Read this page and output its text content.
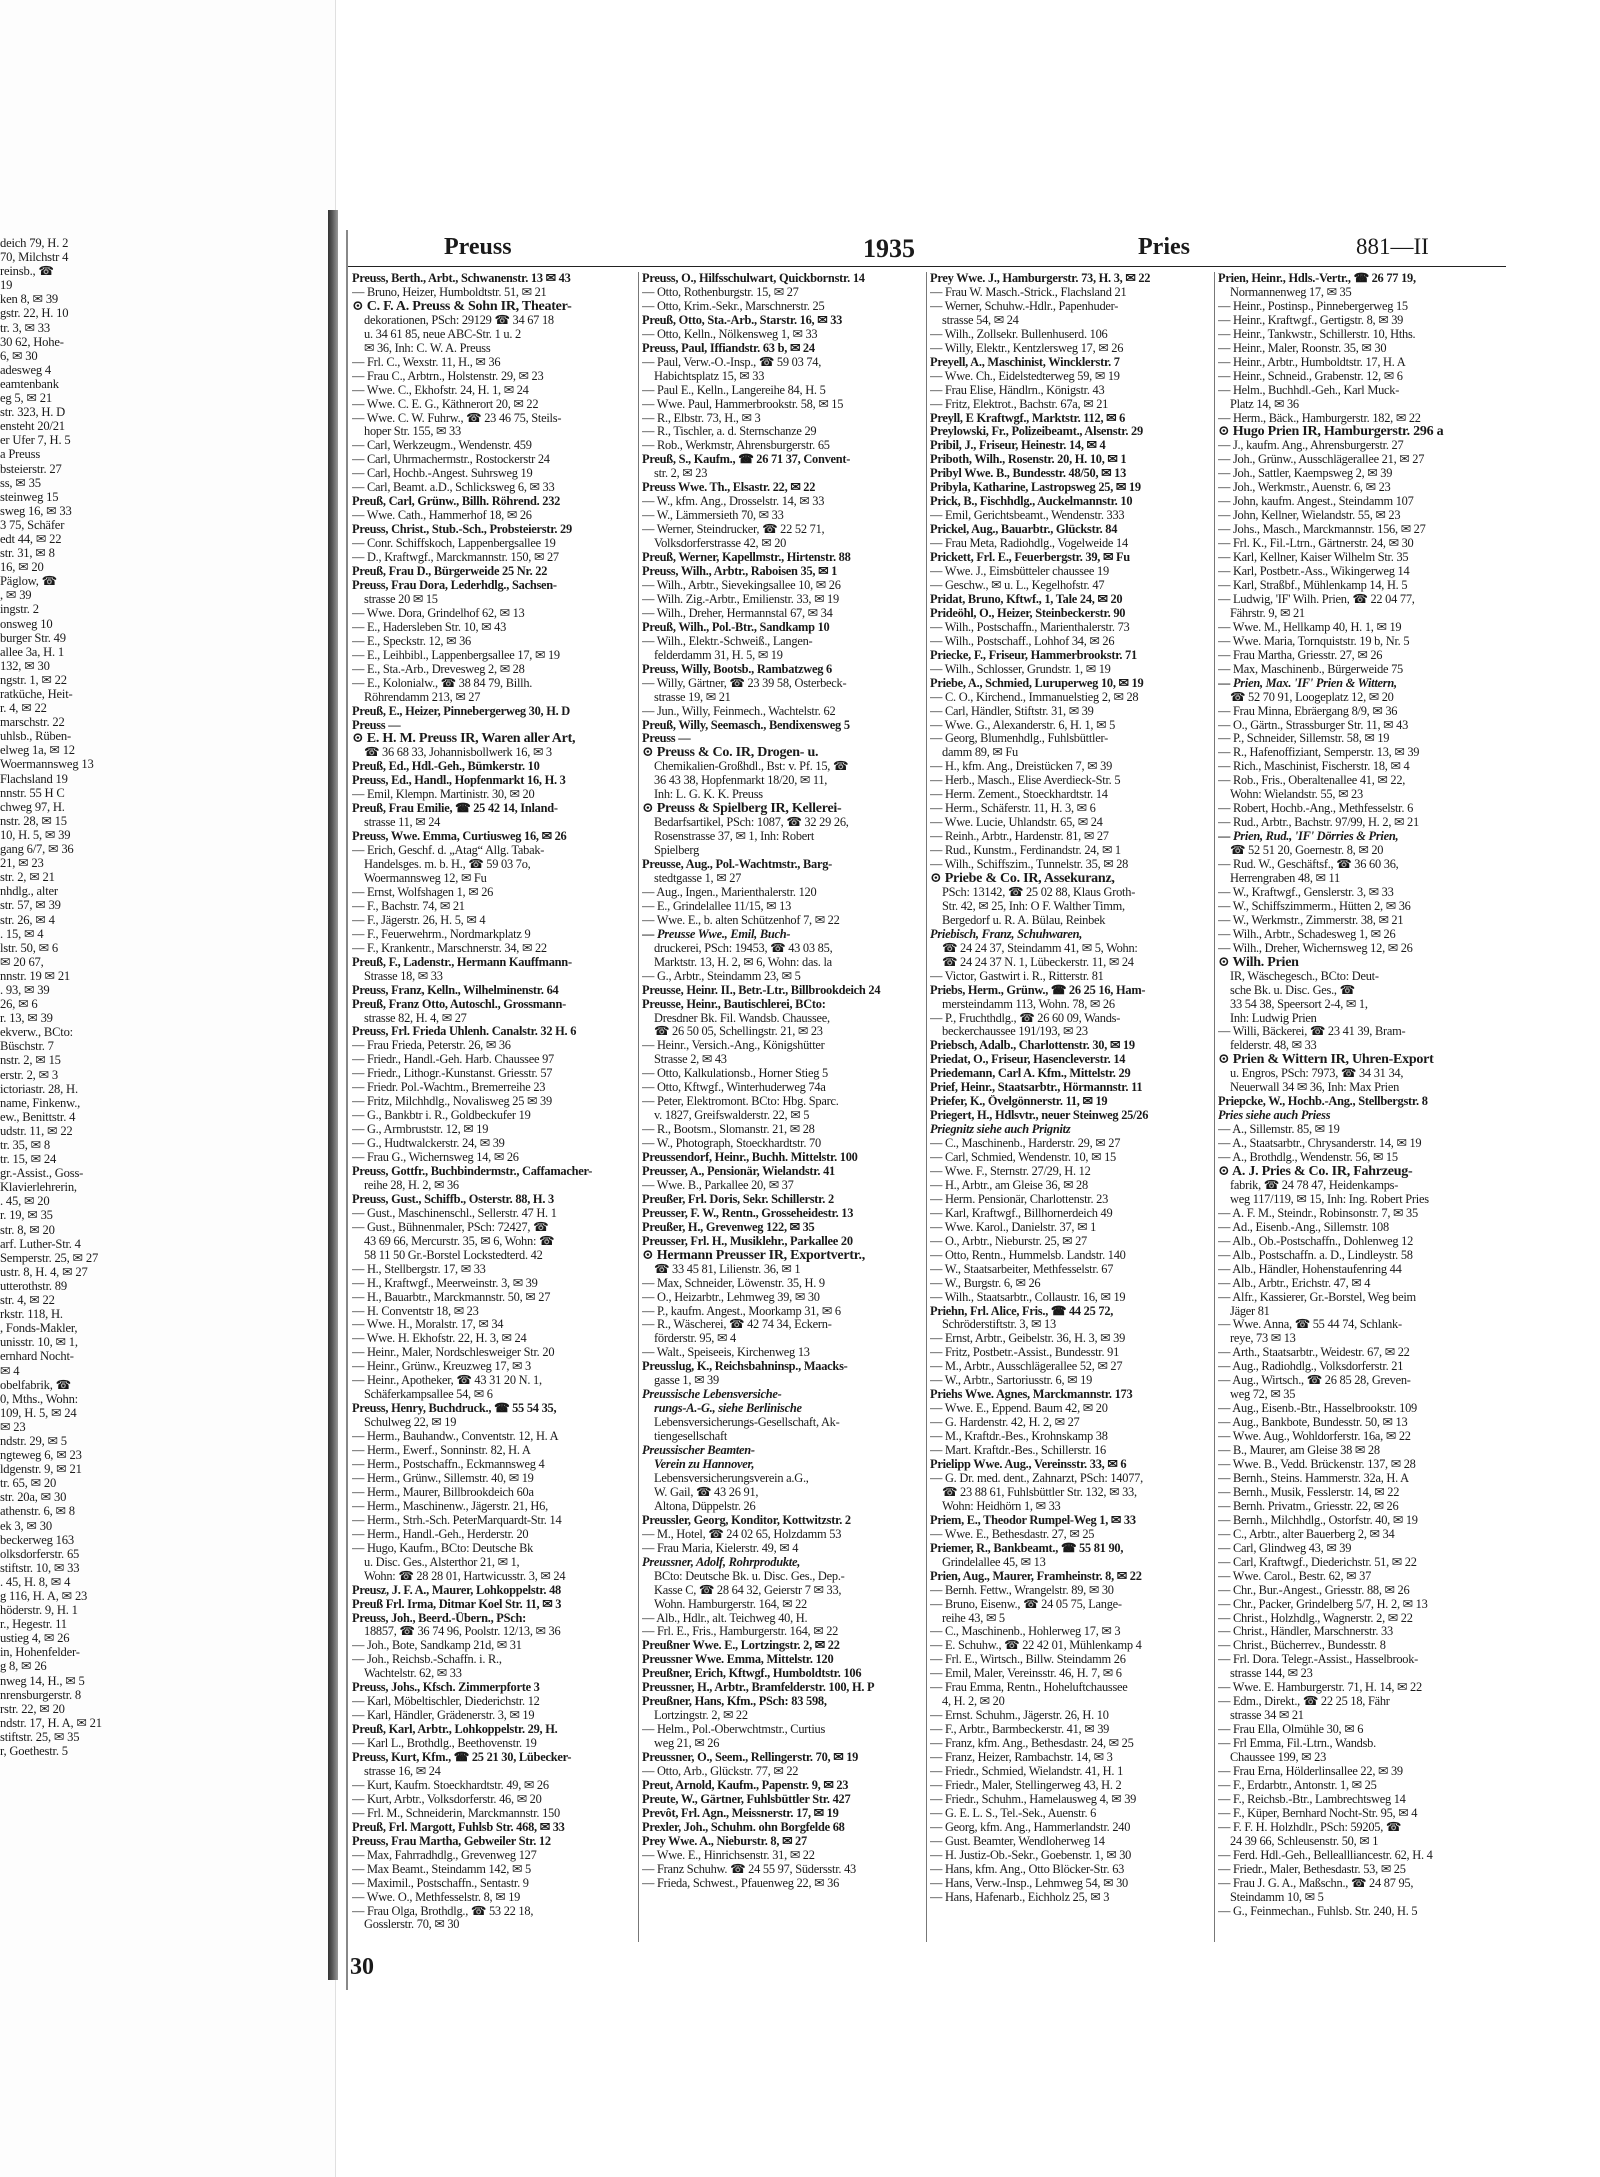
deich 79, H. 2
70, Milchstr 4
reinsb., ☎
19
ken 8, ✉ 39
gstr. 22, H. 10
tr. 3, ✉ 33
30 62, Hohe-
6, ✉ 30
adesweg 4
eamtenbank
eg 5, ✉ 21
str. 323, H. D
ensteht 20/21
er Ufer 7, H. 5
a Preuss
bsteierstr. 27
ss, ✉ 35
steinweg 15
sweg 16, ✉ 33
3 75, Schäfer
edt 44, ✉ 22
str. 31, ✉ 8
16, ✉ 20
Päglow, ☎
, ✉ 39
ingstr. 2
onsweg 10
burger Str. 49
allee 3a, H. 1
132, ✉ 30
ngstr. 1, ✉ 22
ratküche, Heit-
r. 4, ✉ 22
marschstr. 22
uhlsb., Rüben-
elweg 1a, ✉ 12
Woermannsweg 13
Flachsland 19
nnstr. 55 H C
chweg 97, H.
nstr. 28, ✉ 15
10, H. 5, ✉ 39
gang 6/7, ✉ 36
21, ✉ 23
str. 2, ✉ 21
nhdlg., alter
str. 57, ✉ 39
str. 26, ✉ 4
. 15, ✉ 4
lstr. 50, ✉ 6
✉ 20 67,
nnstr. 19 ✉ 21
. 93, ✉ 39
26, ✉ 6
r. 13, ✉ 39
ekverw., BCto:
Büschstr. 7
nstr. 2, ✉ 15
erstr. 2, ✉ 3
ictoriastr. 28, H.
name, Finkenw.,
ew., Benittstr. 4
udstr. 11, ✉ 22
tr. 35, ✉ 8
tr. 15, ✉ 24
gr.-Assist., Goss-
Klavierlehrerin,
. 45, ✉ 20
r. 19, ✉ 35
str. 8, ✉ 20
arf. Luther-Str. 4
Semperstr. 25, ✉ 27
ustr. 8, H. 4, ✉ 27
utterothstr. 89
str. 4, ✉ 22
rkstr. 118, H.
, Fonds-Makler,
unisstr. 10, ✉ 1,
ernhard Nocht-
✉ 4
obelfabrik, ☎
0, Mths., Wohn:
109, H. 5, ✉ 24
✉ 23
ndstr. 29, ✉ 5
ngteweg 6, ✉ 23
ldgenstr. 9, ✉ 21
tr. 65, ✉ 20
str. 20a, ✉ 30
athenstr. 6, ✉ 8
ek 3, ✉ 30
beckerweg 163
olksdorferstr. 65
stiftstr. 10, ✉ 33
. 45, H. 8, ✉ 4
g 116, H. A, ✉ 23
höderstr. 9, H. 1
r., Hegestr. 11
ustieg 4, ✉ 26
in, Hohenfelder-
g 8, ✉ 26
nweg 14, H., ✉ 5
nrensburgerstr. 8
rstr. 22, ✉ 20
ndstr. 17, H. A, ✉ 21
stiftstr. 25, ✉ 35
r, Goethestr. 5
Preuss	1935	Pries	881—II
Preuss, Berth., Arbt., Schwanenstr. 13 ✉ 43
— Bruno, Heizer, Humboldtstr. 51, ✉ 21
⊙ C. F. A. Preuss & Sohn IR, Theater-
dekorationen, PSch: 29129 ☎ 34 67 18
u. 34 61 85, neue ABC-Str. 1 u. 2
✉ 36, Inh: C. W. A. Preuss
— Frl. C., Wexstr. 11, H., ✉ 36
— Frau C., Arbtrn., Holstenstr. 29, ✉ 23
— Wwe. C., Ekhofstr. 24, H. 1, ✉ 24
— Wwe. C. E. G., Käthnerort 20, ✉ 22
— Wwe. C. W. Fuhrw., ☎ 23 46 75, Steils-
hoper Str. 155, ✉ 33
— Carl, Werkzeugm., Wendenstr. 459
— Carl, Uhrmachermstr., Rostockerstr 24
— Carl, Hochb.-Angest. Suhrsweg 19
— Carl, Beamt. a.D., Schlicksweg 6, ✉ 33
Preuß, Carl, Grünw., Billh. Röhrend. 232
— Wwe. Cath., Hammerhof 18, ✉ 26
Preuss, Christ., Stub.-Sch., Probsteierstr. 29
— Conr. Schiffskoch, Lappenbergsallee 19
— D., Kraftwgf., Marckmannstr. 150, ✉ 27
Preuß, Frau D., Bürgerweide 25 Nr. 22
Preuss, Frau Dora, Lederhdlg., Sachsen-
strasse 20 ✉ 15
— Wwe. Dora, Grindelhof 62, ✉ 13
— E., Hadersleben Str. 10, ✉ 43
— E., Speckstr. 12, ✉ 36
— E., Leihbibl., Lappenbergsallee 17, ✉ 19
— E., Sta.-Arb., Drevesweg 2, ✉ 28
— E., Kolonialw., ☎ 38 84 79, Billh.
Röhrendamm 213, ✉ 27
Preuß, E., Heizer, Pinnebergerweg 30, H. D
Preuss —
⊙ E. H. M. Preuss IR, Waren aller Art,
☎ 36 68 33, Johannisbollwerk 16, ✉ 3
Preuß, Ed., Hdl.-Geh., Bümkerstr. 10
Preuss, Ed., Handl., Hopfenmarkt 16, H. 3
— Emil, Klempn. Martinistr. 30, ✉ 20
Preuß, Frau Emilie, ☎ 25 42 14, Inland-
strasse 11, ✉ 24
Preuss, Wwe. Emma, Curtiusweg 16, ✉ 26
— Erich, Geschf. d. „Atag“ Allg. Tabak-
Handelsges. m. b. H., ☎ 59 03 7o,
Woermannsweg 12, ✉ Fu
— Ernst, Wolfshagen 1, ✉ 26
— F., Bachstr. 74, ✉ 21
— F., Jägerstr. 26, H. 5, ✉ 4
— F., Feuerwehrm., Nordmarkplatz 9
— F., Krankentr., Marschnerstr. 34, ✉ 22
Preuß, F., Ladenstr., Hermann Kauffmann-
Strasse 18, ✉ 33
Preuss, Franz, Kelln., Wilhelminenstr. 64
Preuß, Franz Otto, Autoschl., Grossmann-
strasse 82, H. 4, ✉ 27
Preuss, Frl. Frieda Uhlenh. Canalstr. 32 H. 6
— Frau Frieda, Peterstr. 26, ✉ 36
— Friedr., Handl.-Geh. Harb. Chaussee 97
— Friedr., Lithogr.-Kunstanst. Griesstr. 57
— Friedr. Pol.-Wachtm., Bremerreihe 23
— Fritz, Milchhdlg., Novalisweg 25 ✉ 39
— G., Bankbtr i. R., Goldbeckufer 19
— G., Armbruststr. 12, ✉ 19
— G., Hudtwalckerstr. 24, ✉ 39
— Frau G., Wichernsweg 14, ✉ 26
Preuss, Gottfr., Buchbindermstr., Caffamacher-
reihe 28, H. 2, ✉ 36
Preuss, Gust., Schiffb., Osterstr. 88, H. 3
— Gust., Maschinenschl., Sellerstr. 47 H. 1
— Gust., Bühnenmaler, PSch: 72427, ☎
43 69 66, Mercurstr. 35, ✉ 6, Wohn: ☎
58 11 50 Gr.-Borstel Lockstedterd. 42
— H., Stellbergstr. 17, ✉ 33
— H., Kraftwgf., Meerweinstr. 3, ✉ 39
— H., Bauarbtr., Marckmannstr. 50, ✉ 27
— H. Conventstr 18, ✉ 23
— Wwe. H., Moralstr. 17, ✉ 34
— Wwe. H. Ekhofstr. 22, H. 3, ✉ 24
— Heinr., Maler, Nordschlesweiger Str. 20
— Heinr., Grünw., Kreuzweg 17, ✉ 3
— Heinr., Apotheker, ☎ 43 31 20 N. 1,
Schäferkampsallee 54, ✉ 6
Preuss, Henry, Buchdruck., ☎ 55 54 35,
Schulweg 22, ✉ 19
— Herm., Bauhandw., Conventstr. 12, H. A
— Herm., Ewerf., Sonninstr. 82, H. A
— Herm., Postschaffn., Eckmannsweg 4
— Herm., Grünw., Sillemstr. 40, ✉ 19
— Herm., Maurer, Billbrookdeich 60a
— Herm., Maschinenw., Jägerstr. 21, H6,
— Herm., Strh.-Sch. PeterMarquardt-Str. 14
— Herm., Handl.-Geh., Herderstr. 20
— Hugo, Kaufm., BCto: Deutsche Bk
u. Disc. Ges., Alsterthor 21, ✉ 1,
Wohn: ☎ 28 28 01, Hartwicusstr. 3, ✉ 24
Preusz, J. F. A., Maurer, Lohkoppelstr. 48
Preuß Frl. Irma, Ditmar Koel Str. 11, ✉ 3
Preuss, Joh., Beerd.-Übern., PSch:
18857, ☎ 36 74 96, Poolstr. 12/13, ✉ 36
— Joh., Bote, Sandkamp 21d, ✉ 31
— Joh., Reichsb.-Schaffn. i. R.,
Wachtelstr. 62, ✉ 33
Preuss, Johs., Kfsch. Zimmerpforte 3
— Karl, Möbeltischler, Diederichstr. 12
— Karl, Händler, Grädenerstr. 3, ✉ 19
Preuß, Karl, Arbtr., Lohkoppelstr. 29, H.
— Karl L., Brothdlg., Beethovenstr. 19
Preuss, Kurt, Kfm., ☎ 25 21 30, Lübecker-
strasse 16, ✉ 24
— Kurt, Kaufm. Stoeckhardtstr. 49, ✉ 26
— Kurt, Arbtr., Volksdorferstr. 46, ✉ 20
— Frl. M., Schneiderin, Marckmannstr. 150
Preuß, Frl. Margott, Fuhlsb Str. 468, ✉ 33
Preuss, Frau Martha, Gebweiler Str. 12
— Max, Fahrradhdlg., Grevenweg 127
— Max Beamt., Steindamm 142, ✉ 5
— Maximil., Postschaffn., Sentastr. 9
— Wwe. O., Methfesselstr. 8, ✉ 19
— Frau Olga, Brothdlg., ☎ 53 22 18,
Gosslerstr. 70, ✉ 30
Preuss, O., Hilfsschulwart, Quickbornstr. 14
— Otto, Rothenburgstr. 15, ✉ 27
— Otto, Krim.-Sekr., Marschnerstr. 25
Preuß, Otto, Sta.-Arb., Starstr. 16, ✉ 33
— Otto, Kelln., Nölkensweg 1, ✉ 33
Preuss, Paul, Iffiandstr. 63 b, ✉ 24
— Paul, Verw.-O.-Insp., ☎ 59 03 74,
Habichtsplatz 15, ✉ 33
— Paul E., Kelln., Langereihe 84, H. 5
— Wwe. Paul, Hammerbrookstr. 58, ✉ 15
— R., Elbstr. 73, H., ✉ 3
— R., Tischler, a. d. Sternschanze 29
— Rob., Werkmstr, Ahrensburgerstr. 65
Preuß, S., Kaufm., ☎ 26 71 37, Convent-
str. 2, ✉ 23
Preuss Wwe. Th., Elsastr. 22, ✉ 22
— W., kfm. Ang., Drosselstr. 14, ✉ 33
— W., Lämmersieth 70, ✉ 33
— Werner, Steindrucker, ☎ 22 52 71,
Volksdorferstrasse 42, ✉ 20
Preuß, Werner, Kapellmstr., Hirtenstr. 88
Preuss, Wilh., Arbtr., Raboisen 35, ✉ 1
— Wilh., Arbtr., Sievekingsallee 10, ✉ 26
— Wilh. Zig.-Arbtr., Emilienstr. 33, ✉ 19
— Wilh., Dreher, Hermannstal 67, ✉ 34
Preuß, Wilh., Pol.-Btr., Sandkamp 10
— Wilh., Elektr.-Schweiß., Langen-
felderdamm 31, H. 5, ✉ 19
Preuss, Willy, Bootsb., Rambatzweg 6
— Willy, Gärtner, ☎ 23 39 58, Osterbeck-
strasse 19, ✉ 21
— Jun., Willy, Feinmech., Wachtelstr. 62
Preuß, Willy, Seemasch., Bendixensweg 5
Preuss —
⊙ Preuss & Co. IR, Drogen- u.
Chemikalien-Großhdl., Bst: v. Pf. 15, ☎
36 43 38, Hopfenmarkt 18/20, ✉ 11,
Inh: L. G. K. K. Preuss
⊙ Preuss & Spielberg IR, Kellerei-
Bedarfsartikel, PSch: 1087, ☎ 32 29 26,
Rosenstrasse 37, ✉ 1, Inh: Robert
Spielberg
Preusse, Aug., Pol.-Wachtmstr., Barg-
stedtgasse 1, ✉ 27
— Aug., Ingen., Marienthalerstr. 120
— E., Grindelallee 11/15, ✉ 13
— Wwe. E., b. alten Schützenhof 7, ✉ 22
— Preusse Wwe., Emil, Buch-
druckerei, PSch: 19453, ☎ 43 03 85,
Marktstr. 13, H. 2, ✉ 6, Wohn: das. la
— G., Arbtr., Steindamm 23, ✉ 5
Preusse, Heinr. II., Betr.-Ltr., Billbrookdeich 24
Preusse, Heinr., Bautischlerei, BCto:
Dresdner Bk. Fil. Wandsb. Chaussee,
☎ 26 50 05, Schellingstr. 21, ✉ 23
— Heinr., Versich.-Ang., Königshütter
Strasse 2, ✉ 43
— Otto, Kalkulationsb., Horner Stieg 5
— Otto, Kftwgf., Winterhuderweg 74a
— Peter, Elektromont. BCto: Hbg. Sparc.
v. 1827, Greifswalderstr. 22, ✉ 5
— R., Bootsm., Slomanstr. 21, ✉ 28
— W., Photograph, Stoeckhardtstr. 70
Preussendorf, Heinr., Buchh. Mittelstr. 100
Preusser, A., Pensionär, Wielandstr. 41
— Wwe. B., Parkallee 20, ✉ 37
Preußer, Frl. Doris, Sekr. Schillerstr. 2
Preusser, F. W., Rentn., Grosseheidestr. 13
Preußer, H., Grevenweg 122, ✉ 35
Preusser, Frl. H., Musiklehr., Parkallee 20
⊙ Hermann Preusser IR, Exportvertr.,
☎ 33 45 81, Lilienstr. 36, ✉ 1
— Max, Schneider, Löwenstr. 35, H. 9
— O., Heizarbtr., Lehmweg 39, ✉ 30
— P., kaufm. Angest., Moorkamp 31, ✉ 6
— R., Wäscherei, ☎ 42 74 34, Eckern-
förderstr. 95, ✉ 4
— Walt., Speiseeis, Kirchenweg 13
Preusslug, K., Reichsbahninsp., Maacks-
gasse 1, ✉ 39
Preussische Lebensversiche-
rungs-A.-G., siehe Berlinische
Lebensversicherungs-Gesellschaft, Ak-
tiengesellschaft
Preussischer Beamten-
Verein zu Hannover,
Lebensversicherungsverein a.G.,
W. Gail, ☎ 43 26 91,
Altona, Düppelstr. 26
Preussler, Georg, Konditor, Kottwitzstr. 2
— M., Hotel, ☎ 24 02 65, Holzdamm 53
— Frau Maria, Kielerstr. 49, ✉ 4
Preussner, Adolf, Rohrprodukte,
BCto: Deutsche Bk. u. Disc. Ges., Dep.-
Kasse C, ☎ 28 64 32, Geierstr 7 ✉ 33,
Wohn. Hamburgerstr. 164, ✉ 22
— Alb., Hdlr., alt. Teichweg 40, H.
— Frl. E., Fris., Hamburgerstr. 164, ✉ 22
Preußner Wwe. E., Lortzingstr. 2, ✉ 22
Preussner Wwe. Emma, Mittelstr. 120
Preußner, Erich, Kftwgf., Humboldtstr. 106
Preussner, H., Arbtr., Bramfelderstr. 100, H. P
Preußner, Hans, Kfm., PSch: 83 598,
Lortzingstr. 2, ✉ 22
— Helm., Pol.-Oberwchtmstr., Curtius
weg 21, ✉ 26
Preussner, O., Seem., Rellingerstr. 70, ✉ 19
— Otto, Arb., Glückstr. 77, ✉ 22
Preut, Arnold, Kaufm., Papenstr. 9, ✉ 23
Preute, W., Gärtner, Fuhlsbüttler Str. 427
Prevôt, Frl. Agn., Meissnerstr. 17, ✉ 19
Prexler, Joh., Schuhm. ohn Borgfelde 68
Prey Wwe. A., Nieburstr. 8, ✉ 27
— Wwe. E., Hinrichsenstr. 31, ✉ 22
— Franz Schuhw. ☎ 24 55 97, Südersstr. 43
— Frieda, Schwest., Pfauenweg 22, ✉ 36
Prey Wwe. J., Hamburgerstr. 73, H. 3, ✉ 22
— Frau W. Masch.-Strick., Flachsland 21
— Werner, Schuhw.-Hdlr., Papenhuder-
strasse 54, ✉ 24
— Wilh., Zollsekr. Bullenhuserd. 106
— Willy, Elektr., Kentzlersweg 17, ✉ 26
Preyell, A., Maschinist, Wincklerstr. 7
— Wwe. Ch., Eidelstedterweg 59, ✉ 19
— Frau Elise, Händlrn., Königstr. 43
— Fritz, Elektrot., Bachstr. 67a, ✉ 21
Preyll, E Kraftwgf., Marktstr. 112, ✉ 6
Preylowski, Fr., Polizeibeamt., Alsenstr. 29
Pribil, J., Friseur, Heinestr. 14, ✉ 4
Priboth, Wilh., Rosenstr. 20, H. 10, ✉ 1
Pribyl Wwe. B., Bundesstr. 48/50, ✉ 13
Pribyla, Katharine, Lastropsweg 25, ✉ 19
Prick, B., Fischhdlg., Auckelmannstr. 10
— Emil, Gerichtsbeamt., Wendenstr. 333
Prickel, Aug., Bauarbtr., Glückstr. 84
— Frau Meta, Radiohdlg., Vogelweide 14
Prickett, Frl. E., Feuerbergstr. 39, ✉ Fu
— Wwe. J., Eimsbütteler chaussee 19
— Geschw., ✉ u. L., Kegelhofstr. 47
Pridat, Bruno, Kftwf., 1, Tale 24, ✉ 20
Prideöhl, O., Heizer, Steinbeckerstr. 90
— Wilh., Postschaffn., Marienthalerstr. 73
— Wilh., Postschaff., Lohhof 34, ✉ 26
Priecke, F., Friseur, Hammerbrookstr. 71
— Wilh., Schlosser, Grundstr. 1, ✉ 19
Priebe, A., Schmied, Luruperweg 10, ✉ 19
— C. O., Kirchend., Immanuelstieg 2, ✉ 28
— Carl, Händler, Stiftstr. 31, ✉ 39
— Wwe. G., Alexanderstr. 6, H. 1, ✉ 5
— Georg, Blumenhdlg., Fuhlsbüttler-
damm 89, ✉ Fu
— H., kfm. Ang., Dreistücken 7, ✉ 39
— Herb., Masch., Elise Averdieck-Str. 5
— Herm. Zement., Stoeckhardtstr. 14
— Herm., Schäferstr. 11, H. 3, ✉ 6
— Wwe. Lucie, Uhlandstr. 65, ✉ 24
— Reinh., Arbtr., Hardenstr. 81, ✉ 27
— Rud., Kunstm., Ferdinandstr. 24, ✉ 1
— Wilh., Schiffszim., Tunnelstr. 35, ✉ 28
⊙ Priebe & Co. IR, Assekuranz,
PSch: 13142, ☎ 25 02 88, Klaus Groth-
Str. 42, ✉ 25, Inh: O F. Walther Timm,
Bergedorf u. R. A. Bülau, Reinbek
Priebisch, Franz, Schuhwaren,
☎ 24 24 37, Steindamm 41, ✉ 5, Wohn:
☎ 24 24 37 N. 1, Lübeckerstr. 11, ✉ 24
— Victor, Gastwirt i. R., Ritterstr. 81
Priebs, Herm., Grünw., ☎ 26 25 16, Ham-
mersteindamm 113, Wohn. 78, ✉ 26
— P., Fruchthdlg., ☎ 26 60 09, Wands-
beckerchaussee 191/193, ✉ 23
Priebsch, Adalb., Charlottenstr. 30, ✉ 19
Priedat, O., Friseur, Hasencleverstr. 14
Priedemann, Carl A. Kfm., Mittelstr. 29
Prief, Heinr., Staatsarbtr., Hörmannstr. 11
Priefer, K., Övelgönnerstr. 11, ✉ 19
Priegert, H., Hdlsvtr., neuer Steinweg 25/26
Priegnitz siehe auch Prignitz
— C., Maschinenb., Harderstr. 29, ✉ 27
— Carl, Schmied, Wendenstr. 10, ✉ 15
— Wwe. F., Sternstr. 27/29, H. 12
— H., Arbtr., am Gleise 36, ✉ 28
— Herm. Pensionär, Charlottenstr. 23
— Karl, Kraftwgf., Billhornerdeich 49
— Wwe. Karol., Danielstr. 37, ✉ 1
— O., Arbtr., Nieburstr. 25, ✉ 27
— Otto, Rentn., Hummelsb. Landstr. 140
— W., Staatsarbeiter, Methfesselstr. 67
— W., Burgstr. 6, ✉ 26
— Wilh., Staatsarbtr., Collaustr. 16, ✉ 19
Priehn, Frl. Alice, Fris., ☎ 44 25 72,
Schröderstiftstr. 3, ✉ 13
— Ernst, Arbtr., Geibelstr. 36, H. 3, ✉ 39
— Fritz, Postbetr.-Assist., Bundesstr. 91
— M., Arbtr., Ausschlägerallee 52, ✉ 27
— W., Arbtr., Sartoriusstr. 6, ✉ 19
Priehs Wwe. Agnes, Marckmannstr. 173
— Wwe. E., Eppend. Baum 42, ✉ 20
— G. Hardenstr. 42, H. 2, ✉ 27
— M., Kraftdr.-Bes., Krohnskamp 38
— Mart. Kraftdr.-Bes., Schillerstr. 16
Prielipp Wwe. Aug., Vereinsstr. 33, ✉ 6
— G. Dr. med. dent., Zahnarzt, PSch: 14077,
☎ 23 88 61, Fuhlsbüttler Str. 132, ✉ 33,
Wohn: Heidhörn 1, ✉ 33
Priem, E., Theodor Rumpel-Weg 1, ✉ 33
— Wwe. E., Bethesdastr. 27, ✉ 25
Priemer, R., Bankbeamt., ☎ 55 81 90,
Grindelallee 45, ✉ 13
Prien, Aug., Maurer, Framheinstr. 8, ✉ 22
— Bernh. Fettw., Wrangelstr. 89, ✉ 30
— Bruno, Eisenw., ☎ 24 05 75, Lange-
reihe 43, ✉ 5
— C., Maschinenb., Hohlerweg 17, ✉ 3
— E. Schuhw., ☎ 22 42 01, Mühlenkamp 4
— Frl. E., Wirtsch., Billw. Steindamm 26
— Emil, Maler, Vereinsstr. 46, H. 7, ✉ 6
— Frau Emma, Rentn., Hoheluftchaussee
4, H. 2, ✉ 20
— Ernst. Schuhm., Jägerstr. 26, H. 10
— F., Arbtr., Barmbeckerstr. 41, ✉ 39
— Franz, kfm. Ang., Bethesdastr. 24, ✉ 25
— Franz, Heizer, Rambachstr. 14, ✉ 3
— Friedr., Schmied, Wielandstr. 41, H. 1
— Friedr., Maler, Stellingerweg 43, H. 2
— Friedr., Schuhm., Hamelausweg 4, ✉ 39
— G. E. L. S., Tel.-Sek., Auenstr. 6
— Georg, kfm. Ang., Hammerlandstr. 240
— Gust. Beamter, Wendloherweg 14
— H. Justiz-Ob.-Sekr., Goebenstr. 1, ✉ 30
— Hans, kfm. Ang., Otto Blöcker-Str. 63
— Hans, Verw.-Insp., Lehmweg 54, ✉ 30
— Hans, Hafenarb., Eichholz 25, ✉ 3
Prien, Heinr., Hdls.-Vertr., ☎ 26 77 19,
Normannenweg 17, ✉ 35
— Heinr., Postinsp., Pinnebergerweg 15
— Heinr., Kraftwgf., Gertigstr. 8, ✉ 39
— Heinr., Tankwstr., Schillerstr. 10, Hths.
— Heinr., Maler, Roonstr. 35, ✉ 30
— Heinr., Arbtr., Humboldtstr. 17, H. A
— Heinr., Schneid., Grabenstr. 12, ✉ 6
— Helm., Buchhdl.-Geh., Karl Muck-
Platz 14, ✉ 36
— Herm., Bäck., Hamburgerstr. 182, ✉ 22
⊙ Hugo Prien IR, Hamburgerstr. 296 a
— J., kaufm. Ang., Ahrensburgerstr. 27
— Joh., Grünw., Ausschlägerallee 21, ✉ 27
— Joh., Sattler, Kaempsweg 2, ✉ 39
— Joh., Werkmstr., Auenstr. 6, ✉ 23
— John, kaufm. Angest., Steindamm 107
— John, Kellner, Wielandstr. 55, ✉ 23
— Johs., Masch., Marckmannstr. 156, ✉ 27
— Frl. K., Fil.-Ltrn., Gärtnerstr. 24, ✉ 30
— Karl, Kellner, Kaiser Wilhelm Str. 35
— Karl, Postbetr.-Ass., Wikingerweg 14
— Karl, Straßbf., Mühlenkamp 14, H. 5
— Ludwig, 'IF' Wilh. Prien, ☎ 22 04 77,
Fährstr. 9, ✉ 21
— Wwe. M., Hellkamp 40, H. 1, ✉ 19
— Wwe. Maria, Tornquiststr. 19 b, Nr. 5
— Frau Martha, Griesstr. 27, ✉ 26
— Max, Maschinenb., Bürgerweide 75
— Prien, Max. 'IF' Prien & Wittern,
☎ 52 70 91, Loogeplatz 12, ✉ 20
— Frau Minna, Ebräergang 8/9, ✉ 36
— O., Gärtn., Strassburger Str. 11, ✉ 43
— P., Schneider, Sillemstr. 58, ✉ 19
— R., Hafenoffiziant, Semperstr. 13, ✉ 39
— Rich., Maschinist, Fischerstr. 18, ✉ 4
— Rob., Fris., Oberaltenallee 41, ✉ 22,
Wohn: Wielandstr. 55, ✉ 23
— Robert, Hochb.-Ang., Methfesselstr. 6
— Rud., Arbtr., Bachstr. 97/99, H. 2, ✉ 21
— Prien, Rud., 'IF' Dörries & Prien,
☎ 52 51 20, Goernestr. 8, ✉ 20
— Rud. W., Geschäftsf., ☎ 36 60 36,
Herrengraben 48, ✉ 11
— W., Kraftwgf., Genslerstr. 3, ✉ 33
— W., Schiffszimmerm., Hütten 2, ✉ 36
— W., Werkmstr., Zimmerstr. 38, ✉ 21
— Wilh., Arbtr., Schadesweg 1, ✉ 26
— Wilh., Dreher, Wichernsweg 12, ✉ 26
⊙ Wilh. Prien
IR, Wäschegesch., BCto: Deut-
sche Bk. u. Disc. Ges., ☎
33 54 38, Speersort 2-4, ✉ 1,
Inh: Ludwig Prien
— Willi, Bäckerei, ☎ 23 41 39, Bram-
felderstr. 48, ✉ 33
⊙ Prien & Wittern IR, Uhren-Export
u. Engros, PSch: 7973, ☎ 34 31 34,
Neuerwall 34 ✉ 36, Inh: Max Prien
Priepcke, W., Hochb.-Ang., Stellbergstr. 8
Pries siehe auch Priess
— A., Sillemstr. 85, ✉ 19
— A., Staatsarbtr., Chrysanderstr. 14, ✉ 19
— A., Brothdlg., Wendenstr. 56, ✉ 15
⊙ A. J. Pries & Co. IR, Fahrzeug-
fabrik, ☎ 24 78 47, Heidenkamps-
weg 117/119, ✉ 15, Inh: Ing. Robert Pries
— A. F. M., Steindr., Robinsonstr. 7, ✉ 35
— Ad., Eisenb.-Ang., Sillemstr. 108
— Alb., Ob.-Postschaffn., Dohlenweg 12
— Alb., Postschaffn. a. D., Lindleystr. 58
— Alb., Händler, Hohenstaufenring 44
— Alb., Arbtr., Erichstr. 47, ✉ 4
— Alfr., Kassierer, Gr.-Borstel, Weg beim
Jäger 81
— Wwe. Anna, ☎ 55 44 74, Schlank-
reye, 73 ✉ 13
— Arth., Staatsarbtr., Weidestr. 67, ✉ 22
— Aug., Radiohdlg., Volksdorferstr. 21
— Aug., Wirtsch., ☎ 26 85 28, Greven-
weg 72, ✉ 35
— Aug., Eisenb.-Btr., Hasselbrookstr. 109
— Aug., Bankbote, Bundesstr. 50, ✉ 13
— Wwe. Aug., Wohldorferstr. 16a, ✉ 22
— B., Maurer, am Gleise 38 ✉ 28
— Wwe. B., Vedd. Brückenstr. 137, ✉ 28
— Bernh., Steins. Hammerstr. 32a, H. A
— Bernh., Musik, Fesslerstr. 14, ✉ 22
— Bernh. Privatm., Griesstr. 22, ✉ 26
— Bernh., Milchhdlg., Ostorfstr. 40, ✉ 19
— C., Arbtr., alter Bauerberg 2, ✉ 34
— Carl, Glindweg 43, ✉ 39
— Carl, Kraftwgf., Diederichstr. 51, ✉ 22
— Wwe. Carol., Bestr. 62, ✉ 37
— Chr., Bur.-Angest., Griesstr. 88, ✉ 26
— Chr., Packer, Grindelberg 5/7, H. 2, ✉ 13
— Christ., Holzhdlg., Wagnerstr. 2, ✉ 22
— Christ., Händler, Marschnerstr. 33
— Christ., Bücherrev., Bundesstr. 8
— Frl. Dora. Telegr.-Assist., Hasselbrook-
strasse 144, ✉ 23
— Wwe. E. Hamburgerstr. 71, H. 14, ✉ 22
— Edm., Direkt., ☎ 22 25 18, Fähr
strasse 34 ✉ 21
— Frau Ella, Olmühle 30, ✉ 6
— Frl Emma, Fil.-Ltrn., Wandsb.
Chaussee 199, ✉ 23
— Frau Erna, Hölderlinsallee 22, ✉ 39
— F., Erdarbtr., Antonstr. 1, ✉ 25
— F., Reichsb.-Btr., Lambrechtsweg 14
— F., Küper, Bernhard Nocht-Str. 95, ✉ 4
— F. F. H. Holzhdlr., PSch: 59205, ☎
24 39 66, Schleusenstr. 50, ✉ 1
— Ferd. Hdl.-Geh., Belleallliancestr. 62, H. 4
— Friedr., Maler, Bethesdastr. 53, ✉ 25
— Frau J. G. A., Maßschn., ☎ 24 87 95,
Steindamm 10, ✉ 5
— G., Feinmechan., Fuhlsb. Str. 240, H. 5
30
